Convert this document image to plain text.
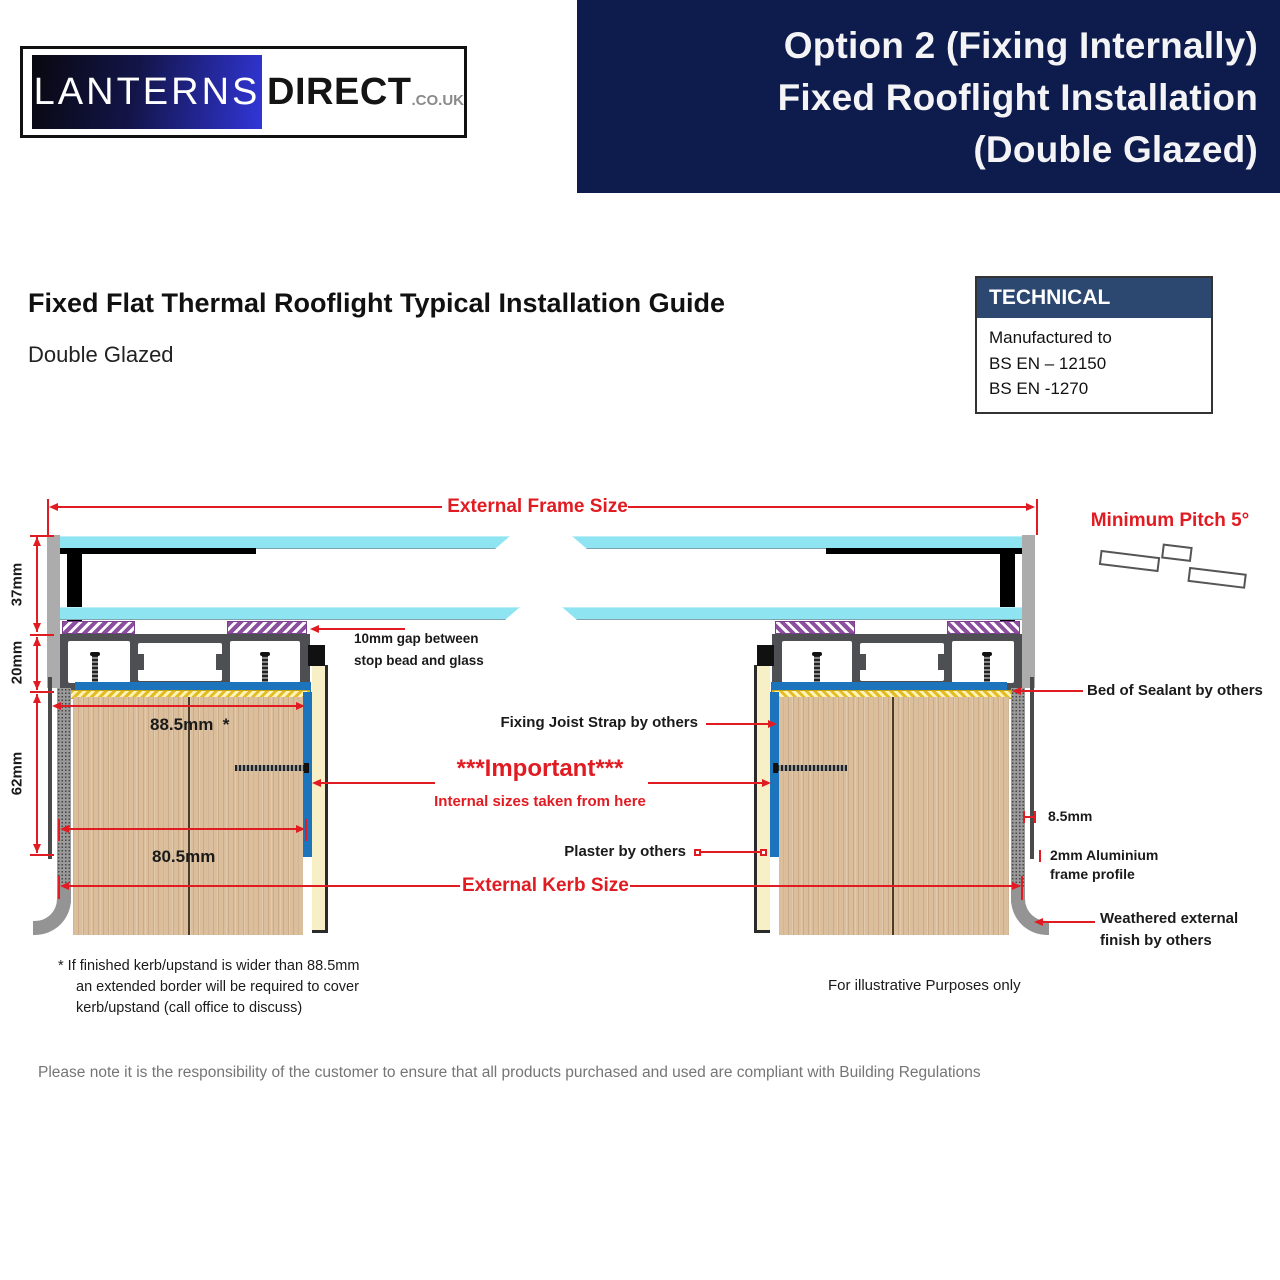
Option 2 (Fixing Internally)
Fixed Rooflight Installation
(Double Glazed)
LANTERNS DIRECT .CO.UK
Fixed Flat Thermal Rooflight Typical Installation Guide
Double Glazed
TECHNICAL
Manufactured to
BS EN – 12150
BS EN -1270
External Frame Size
37mm
20mm
62mm
88.5mm  *
80.5mm
External Kerb Size
10mm gap between
stop bead and glass
Fixing Joist Strap by others
***Important***
Internal sizes taken from here
Plaster by others
Bed of Sealant by others
Minimum Pitch 5°
8.5mm
2mm Aluminium
frame profile
Weathered external
finish by others
For illustrative Purposes only
* If finished kerb/upstand is wider than 88.5mm
an extended border will be required to cover
kerb/upstand (call office to discuss)
Please note it is the responsibility of the customer to ensure that all products purchased and used are compliant with Building Regulations
